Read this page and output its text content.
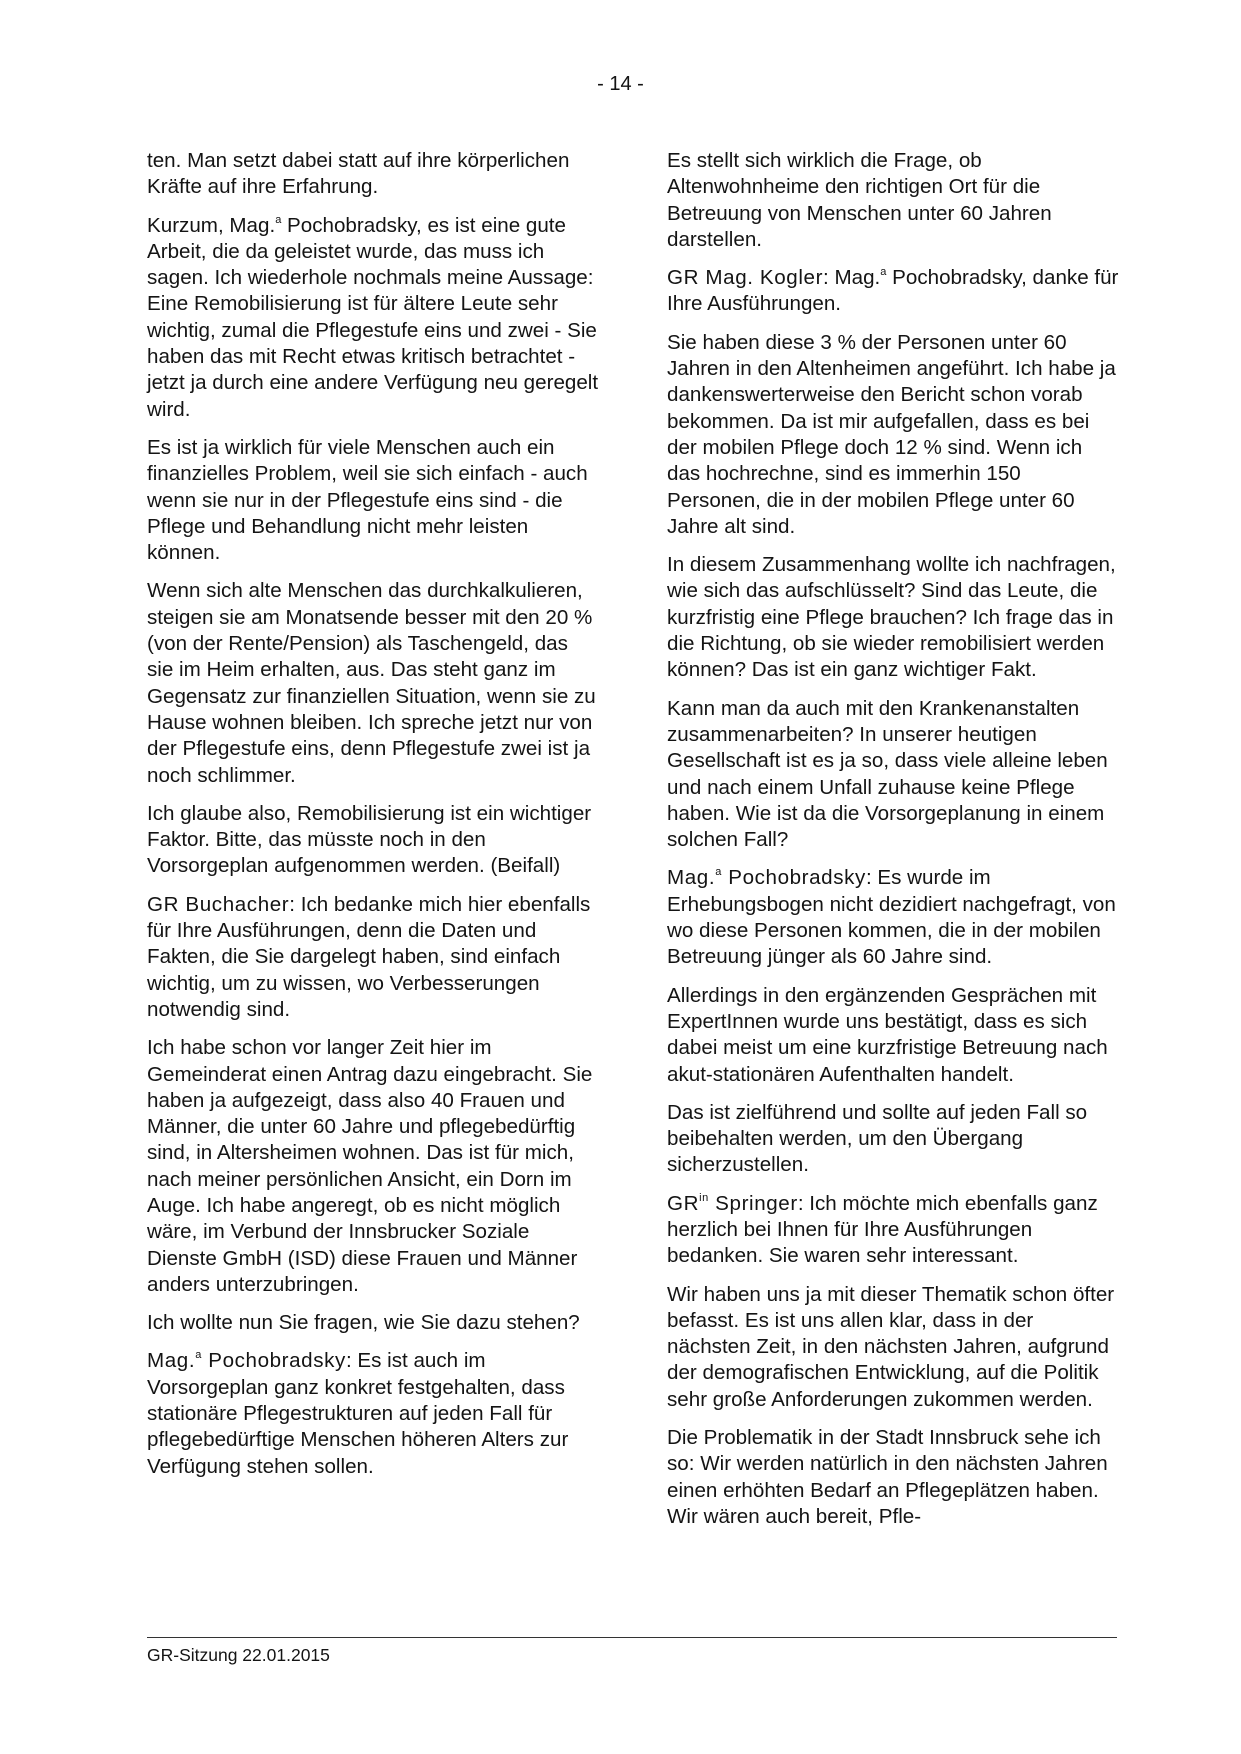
- 14 -

ten. Man setzt dabei statt auf ihre körperlichen Kräfte auf ihre Erfahrung.

Kurzum, Mag.$^a$ Pochobradsky, es ist eine gute Arbeit, die da geleistet wurde, das muss ich sagen. Ich wiederhole nochmals meine Aussage: Eine Remobilisierung ist für ältere Leute sehr wichtig, zumal die Pflegestufe eins und zwei - Sie haben das mit Recht etwas kritisch betrachtet - jetzt ja durch eine andere Verfügung neu geregelt wird.

Es ist ja wirklich für viele Menschen auch ein finanzielles Problem, weil sie sich einfach - auch wenn sie nur in der Pflegestufe eins sind - die Pflege und Behandlung nicht mehr leisten können.

Wenn sich alte Menschen das durchkalkulieren, steigen sie am Monatsende besser mit den 20 % (von der Rente/Pension) als Taschengeld, das sie im Heim erhalten, aus. Das steht ganz im Gegensatz zur finanziellen Situation, wenn sie zu Hause wohnen bleiben. Ich spreche jetzt nur von der Pflegestufe eins, denn Pflegestufe zwei ist ja noch schlimmer.

Ich glaube also, Remobilisierung ist ein wichtiger Faktor. Bitte, das müsste noch in den Vorsorgeplan aufgenommen werden. (Beifall)

GR Buchacher: Ich bedanke mich hier ebenfalls für Ihre Ausführungen, denn die Daten und Fakten, die Sie dargelegt haben, sind einfach wichtig, um zu wissen, wo Verbesserungen notwendig sind.

Ich habe schon vor langer Zeit hier im Gemeinderat einen Antrag dazu eingebracht. Sie haben ja aufgezeigt, dass also 40 Frauen und Männer, die unter 60 Jahre und pflegebedürftig sind, in Altersheimen wohnen. Das ist für mich, nach meiner persönlichen Ansicht, ein Dorn im Auge. Ich habe angeregt, ob es nicht möglich wäre, im Verbund der Innsbrucker Soziale Dienste GmbH (ISD) diese Frauen und Männer anders unterzubringen.

Ich wollte nun Sie fragen, wie Sie dazu stehen?

Mag.$^a$ Pochobradsky: Es ist auch im Vorsorgeplan ganz konkret festgehalten, dass stationäre Pflegestrukturen auf jeden Fall für pflegebedürftige Menschen höheren Alters zur Verfügung stehen sollen.

Es stellt sich wirklich die Frage, ob Altenwohnheime den richtigen Ort für die Betreuung von Menschen unter 60 Jahren darstellen.

GR Mag. Kogler: Mag.$^a$ Pochobradsky, danke für Ihre Ausführungen.

Sie haben diese 3 % der Personen unter 60 Jahren in den Altenheimen angeführt. Ich habe ja dankenswerterweise den Bericht schon vorab bekommen. Da ist mir aufgefallen, dass es bei der mobilen Pflege doch 12 % sind. Wenn ich das hochrechne, sind es immerhin 150 Personen, die in der mobilen Pflege unter 60 Jahre alt sind.

In diesem Zusammenhang wollte ich nachfragen, wie sich das aufschlüsselt? Sind das Leute, die kurzfristig eine Pflege brauchen? Ich frage das in die Richtung, ob sie wieder remobilisiert werden können? Das ist ein ganz wichtiger Fakt.

Kann man da auch mit den Krankenanstalten zusammenarbeiten? In unserer heutigen Gesellschaft ist es ja so, dass viele alleine leben und nach einem Unfall zuhause keine Pflege haben. Wie ist da die Vorsorgeplanung in einem solchen Fall?

Mag.$^a$ Pochobradsky: Es wurde im Erhebungsbogen nicht dezidiert nachgefragt, von wo diese Personen kommen, die in der mobilen Betreuung jünger als 60 Jahre sind.

Allerdings in den ergänzenden Gesprächen mit ExpertInnen wurde uns bestätigt, dass es sich dabei meist um eine kurzfristige Betreuung nach akut-stationären Aufenthalten handelt.

Das ist zielführend und sollte auf jeden Fall so beibehalten werden, um den Übergang sicherzustellen.

$GR^{in}$ Springer: Ich möchte mich ebenfalls ganz herzlich bei Ihnen für Ihre Ausführungen bedanken. Sie waren sehr interessant.

Wir haben uns ja mit dieser Thematik schon öfter befasst. Es ist uns allen klar, dass in der nächsten Zeit, in den nächsten Jahren, aufgrund der demografischen Entwicklung, auf die Politik sehr große Anforderungen zukommen werden.

Die Problematik in der Stadt Innsbruck sehe ich so: Wir werden natürlich in den nächsten Jahren einen erhöhten Bedarf an Pflegeplätzen haben. Wir wären auch bereit, Pfle-

GR-Sitzung 22.01.2015
